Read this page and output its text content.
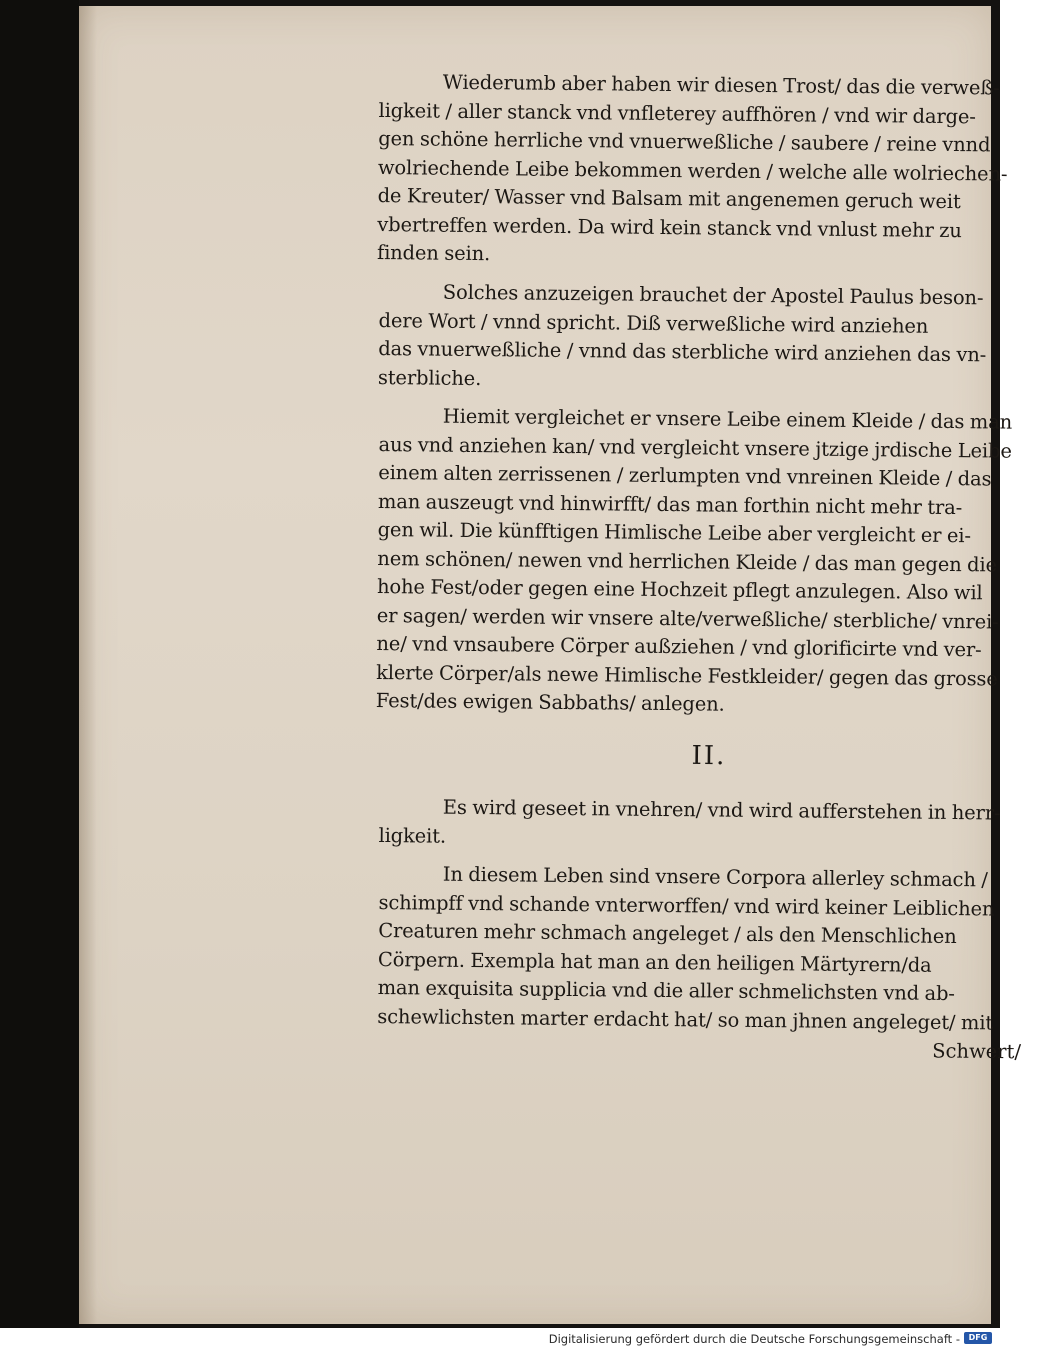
Wiederumb aber haben wir diesen Trost/ das die verweß-
ligkeit / aller stanck vnd vnfleterey auffhören / vnd wir darge-
gen schöne herrliche vnd vnuerweßliche / saubere / reine vnnd
wolriechende Leibe bekommen werden / welche alle wolriechen-
de Kreuter/ Wasser vnd Balsam mit angenemen geruch weit
vbertreffen werden. Da wird kein stanck vnd vnlust mehr zu
finden sein.

Solches anzuzeigen brauchet der Apostel Paulus beson-
dere Wort / vnnd spricht. Diß verweßliche wird anziehen
das vnuerweßliche / vnnd das sterbliche wird anziehen das vn-
sterbliche.

Hiemit vergleichet er vnsere Leibe einem Kleide / das man
aus vnd anziehen kan/ vnd vergleicht vnsere jtzige jrdische Leibe
einem alten zerrissenen / zerlumpten vnd vnreinen Kleide / das
man auszeugt vnd hinwirfft/ das man forthin nicht mehr tra-
gen wil. Die künfftigen Himlische Leibe aber vergleicht er ei-
nem schönen/ newen vnd herrlichen Kleide / das man gegen die
hohe Fest/oder gegen eine Hochzeit pflegt anzulegen. Also wil
er sagen/ werden wir vnsere alte/verweßliche/ sterbliche/ vnrei-
ne/ vnd vnsaubere Cörper außziehen / vnd glorificirte vnd ver-
klerte Cörper/als newe Himlische Festkleider/ gegen das grosse
Fest/des ewigen Sabbaths/ anlegen.

II.

Es wird geseet in vnehren/ vnd wird aufferstehen in herr-
ligkeit.

In diesem Leben sind vnsere Corpora allerley schmach /
schimpff vnd schande vnterworffen/ vnd wird keiner Leiblichen
Creaturen mehr schmach angeleget / als den Menschlichen
Cörpern. Exempla hat man an den heiligen Märtyrern/da
man exquisita supplicia vnd die aller schmelichsten vnd ab-
schewlichsten marter erdacht hat/ so man jhnen angeleget/ mit

Schwert/
Digitalisierung gefördert durch die Deutsche Forschungsgemeinschaft -	DFG
